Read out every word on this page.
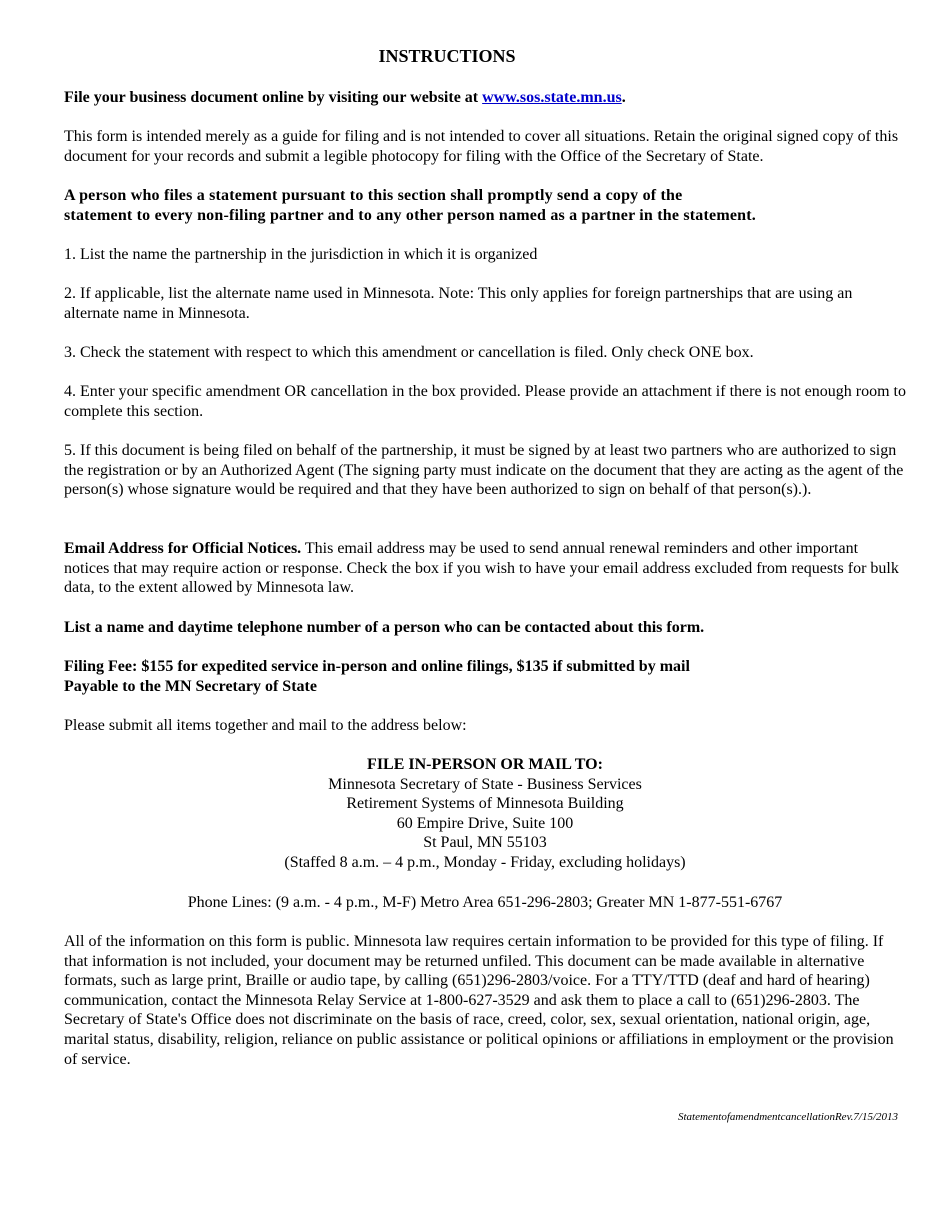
INSTRUCTIONS

File your business document online by visiting our website at www.sos.state.mn.us.

This form is intended merely as a guide for filing and is not intended to cover all situations. Retain the original signed copy of this document for your records and submit a legible photocopy for filing with the Office of the Secretary of State.

A person who files a statement pursuant to this section shall promptly send a copy of the
statement to every non-filing partner and to any other person named as a partner in the statement.

1. List the name the partnership in the jurisdiction in which it is organized

2. If applicable, list the alternate name used in Minnesota. Note: This only applies for foreign partnerships that are using an alternate name in Minnesota.

3. Check the statement with respect to which this amendment or cancellation is filed. Only check ONE box.

4. Enter your specific amendment OR cancellation in the box provided. Please provide an attachment if there is not enough room to complete this section.

5. If this document is being filed on behalf of the partnership, it must be signed by at least two partners who are authorized to sign the registration or by an Authorized Agent (The signing party must indicate on the document that they are acting as the agent of the person(s) whose signature would be required and that they have been authorized to sign on behalf of that person(s).).

Email Address for Official Notices. This email address may be used to send annual renewal reminders and other important notices that may require action or response. Check the box if you wish to have your email address excluded from requests for bulk data, to the extent allowed by Minnesota law.

List a name and daytime telephone number of a person who can be contacted about this form.

Filing Fee: $155 for expedited service in-person and online filings, $135 if submitted by mail
Payable to the MN Secretary of State

Please submit all items together and mail to the address below:

FILE IN-PERSON OR MAIL TO:
Minnesota Secretary of State - Business Services
Retirement Systems of Minnesota Building
60 Empire Drive, Suite 100
St Paul, MN 55103
(Staffed 8 a.m. – 4 p.m., Monday - Friday, excluding holidays)
Phone Lines: (9 a.m. - 4 p.m., M-F) Metro Area 651-296-2803; Greater MN 1-877-551-6767

All of the information on this form is public. Minnesota law requires certain information to be provided for this type of filing. If that information is not included, your document may be returned unfiled. This document can be made available in alternative formats, such as large print, Braille or audio tape, by calling (651)296-2803/voice. For a TTY/TTD (deaf and hard of hearing) communication, contact the Minnesota Relay Service at 1-800-627-3529 and ask them to place a call to (651)296-2803. The Secretary of State's Office does not discriminate on the basis of race, creed, color, sex, sexual orientation, national origin, age, marital status, disability, religion, reliance on public assistance or political opinions or affiliations in employment or the provision of service.

StatementofamendmentcancellationRev.7/15/2013
